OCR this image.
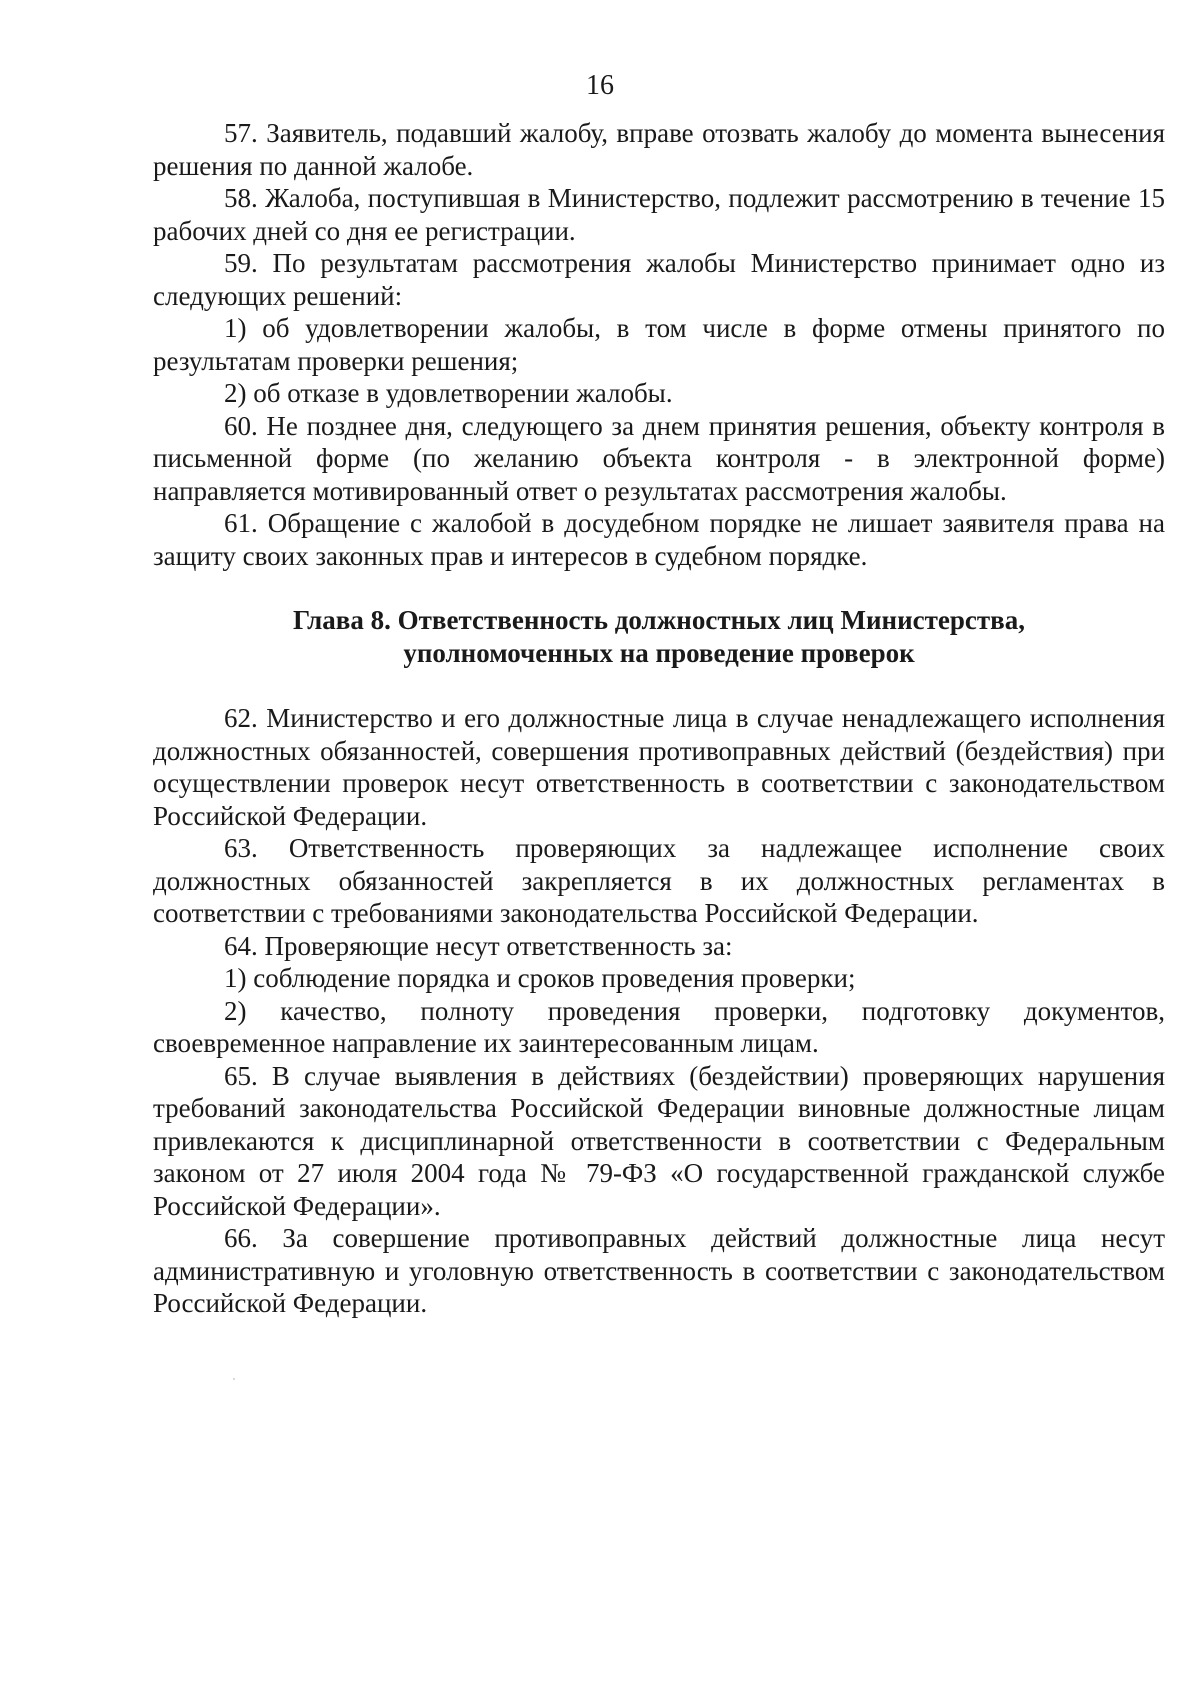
16

57. Заявитель, подавший жалобу, вправе отозвать жалобу до момента вынесения решения по данной жалобе.

58. Жалоба, поступившая в Министерство, подлежит рассмотрению в течение 15 рабочих дней со дня ее регистрации.

59. По результатам рассмотрения жалобы Министерство принимает одно из следующих решений:

1) об удовлетворении жалобы, в том числе в форме отмены принятого по результатам проверки решения;

2) об отказе в удовлетворении жалобы.

60. Не позднее дня, следующего за днем принятия решения, объекту контроля в письменной форме (по желанию объекта контроля - в электронной форме) направляется мотивированный ответ о результатах рассмотрения жалобы.

61. Обращение с жалобой в досудебном порядке не лишает заявителя права на защиту своих законных прав и интересов в судебном порядке.

Глава 8. Ответственность должностных лиц Министерства,
уполномоченных на проведение проверок

62. Министерство и его должностные лица в случае ненадлежащего исполнения должностных обязанностей, совершения противоправных действий (бездействия) при осуществлении проверок несут ответственность в соответствии с законодательством Российской Федерации.

63. Ответственность проверяющих за надлежащее исполнение своих должностных обязанностей закрепляется в их должностных регламентах в соответствии с требованиями законодательства Российской Федерации.

64. Проверяющие несут ответственность за:

1) соблюдение порядка и сроков проведения проверки;

2) качество, полноту проведения проверки, подготовку документов, своевременное направление их заинтересованным лицам.

65. В случае выявления в действиях (бездействии) проверяющих нарушения требований законодательства Российской Федерации виновные должностные лицам привлекаются к дисциплинарной ответственности в соответствии с Федеральным законом от 27 июля 2004 года № 79-ФЗ «О государственной гражданской службе Российской Федерации».

66. За совершение противоправных действий должностные лица несут административную и уголовную ответственность в соответствии с законодательством Российской Федерации.
